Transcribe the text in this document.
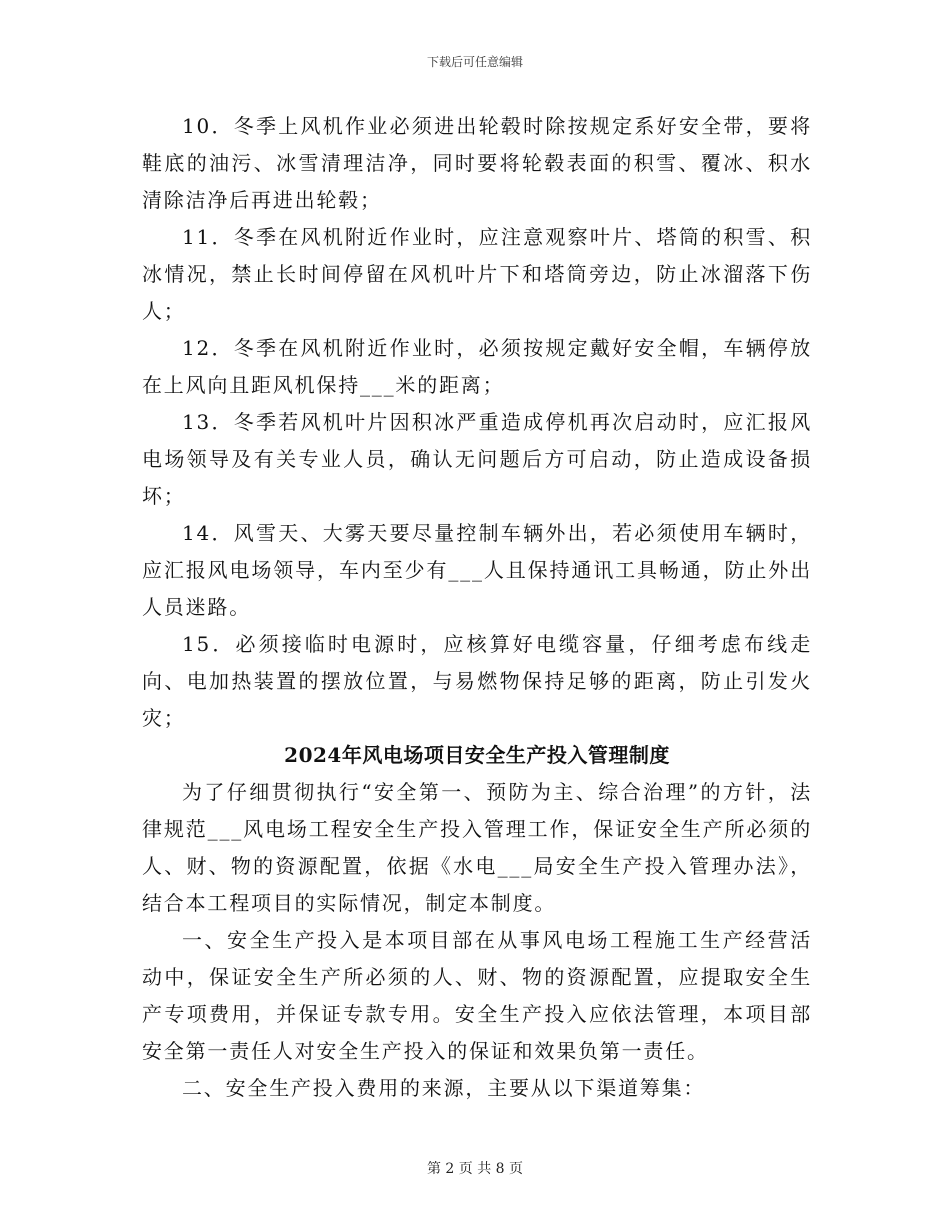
下载后可任意编辑

10．冬季上风机作业必须进出轮毂时除按规定系好安全带，要将鞋底的油污、冰雪清理洁净，同时要将轮毂表面的积雪、覆冰、积水清除洁净后再进出轮毂；

11．冬季在风机附近作业时，应注意观察叶片、塔筒的积雪、积冰情况，禁止长时间停留在风机叶片下和塔筒旁边，防止冰溜落下伤人；

12．冬季在风机附近作业时，必须按规定戴好安全帽，车辆停放在上风向且距风机保持___米的距离；

13．冬季若风机叶片因积冰严重造成停机再次启动时，应汇报风电场领导及有关专业人员，确认无问题后方可启动，防止造成设备损坏；

14．风雪天、大雾天要尽量控制车辆外出，若必须使用车辆时，应汇报风电场领导，车内至少有___人且保持通讯工具畅通，防止外出人员迷路。

15．必须接临时电源时，应核算好电缆容量，仔细考虑布线走向、电加热装置的摆放位置，与易燃物保持足够的距离，防止引发火灾；

2024年风电场项目安全生产投入管理制度

为了仔细贯彻执行“安全第一、预防为主、综合治理”的方针，法律规范___风电场工程安全生产投入管理工作，保证安全生产所必须的人、财、物的资源配置，依据《水电___局安全生产投入管理办法》，结合本工程项目的实际情况，制定本制度。

一、安全生产投入是本项目部在从事风电场工程施工生产经营活动中，保证安全生产所必须的人、财、物的资源配置，应提取安全生产专项费用，并保证专款专用。安全生产投入应依法管理，本项目部安全第一责任人对安全生产投入的保证和效果负第一责任。

二、安全生产投入费用的来源，主要从以下渠道筹集：

第 2 页 共 8 页
